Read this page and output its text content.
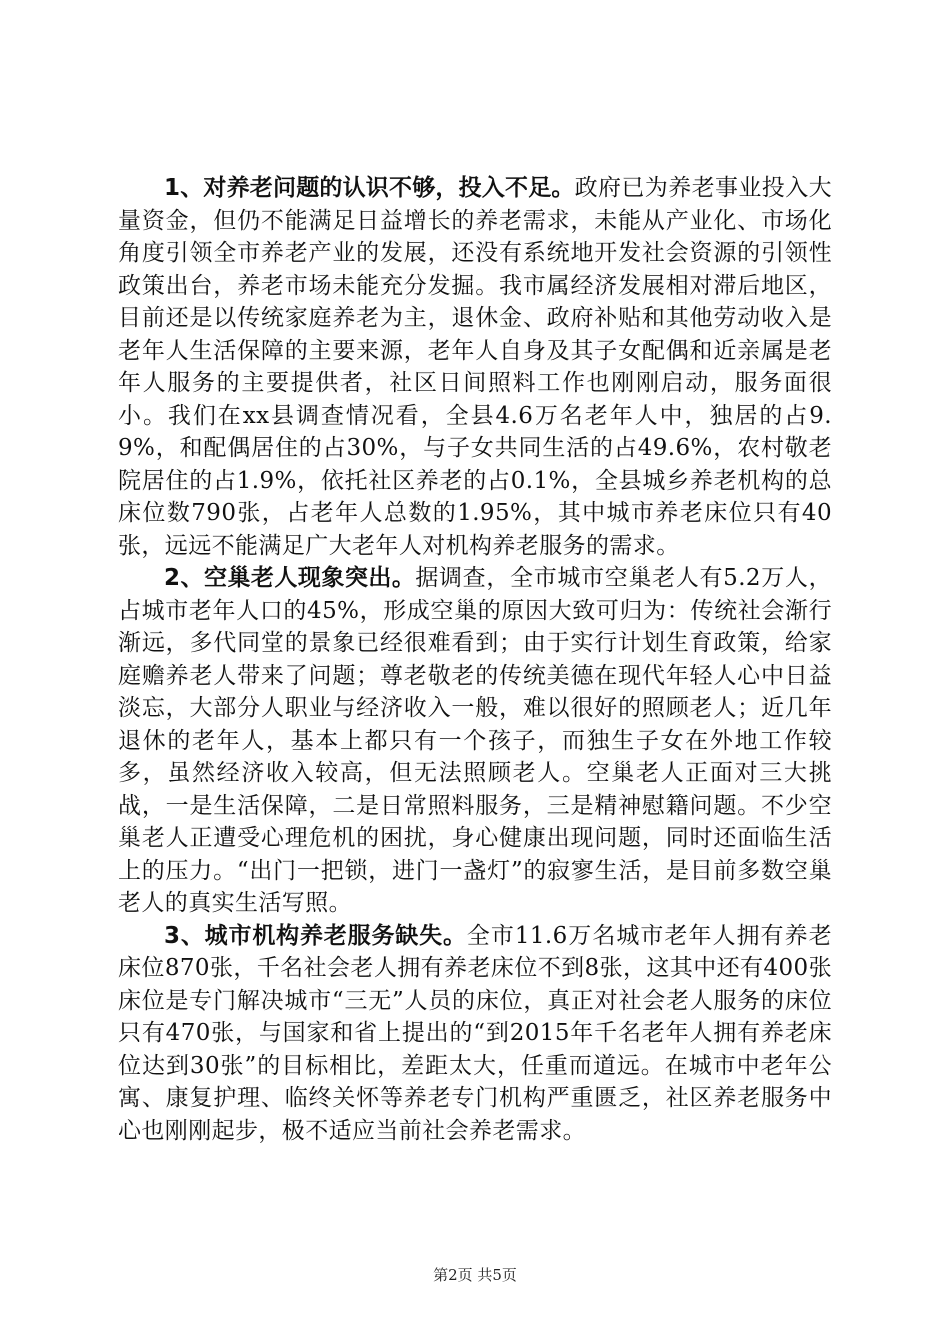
1、对养老问题的认识不够，投入不足。政府已为养老事业投入大量资金，但仍不能满足日益增长的养老需求，未能从产业化、市场化角度引领全市养老产业的发展，还没有系统地开发社会资源的引领性政策出台，养老市场未能充分发掘。我市属经济发展相对滞后地区，目前还是以传统家庭养老为主，退休金、政府补贴和其他劳动收入是老年人生活保障的主要来源，老年人自身及其子女配偶和近亲属是老年人服务的主要提供者，社区日间照料工作也刚刚启动，服务面很小。我们在xx县调查情况看，全县4.6万名老年人中，独居的占9.9%，和配偶居住的占30%，与子女共同生活的占49.6%，农村敬老院居住的占1.9%，依托社区养老的占0.1%，全县城乡养老机构的总床位数790张，占老年人总数的1.95%，其中城市养老床位只有40张，远远不能满足广大老年人对机构养老服务的需求。

2、空巢老人现象突出。据调查，全市城市空巢老人有5.2万人，占城市老年人口的45%，形成空巢的原因大致可归为：传统社会渐行渐远，多代同堂的景象已经很难看到；由于实行计划生育政策，给家庭赡养老人带来了问题；尊老敬老的传统美德在现代年轻人心中日益淡忘，大部分人职业与经济收入一般，难以很好的照顾老人；近几年退休的老年人，基本上都只有一个孩子，而独生子女在外地工作较多，虽然经济收入较高，但无法照顾老人。空巢老人正面对三大挑战，一是生活保障，二是日常照料服务，三是精神慰籍问题。不少空巢老人正遭受心理危机的困扰，身心健康出现问题，同时还面临生活上的压力。“出门一把锁，进门一盏灯”的寂寥生活，是目前多数空巢老人的真实生活写照。

3、城市机构养老服务缺失。全市11.6万名城市老年人拥有养老床位870张，千名社会老人拥有养老床位不到8张，这其中还有400张床位是专门解决城市“三无”人员的床位，真正对社会老人服务的床位只有470张，与国家和省上提出的“到2015年千名老年人拥有养老床位达到30张”的目标相比，差距太大，任重而道远。在城市中老年公寓、康复护理、临终关怀等养老专门机构严重匮乏，社区养老服务中心也刚刚起步，极不适应当前社会养老需求。

第2页 共5页
